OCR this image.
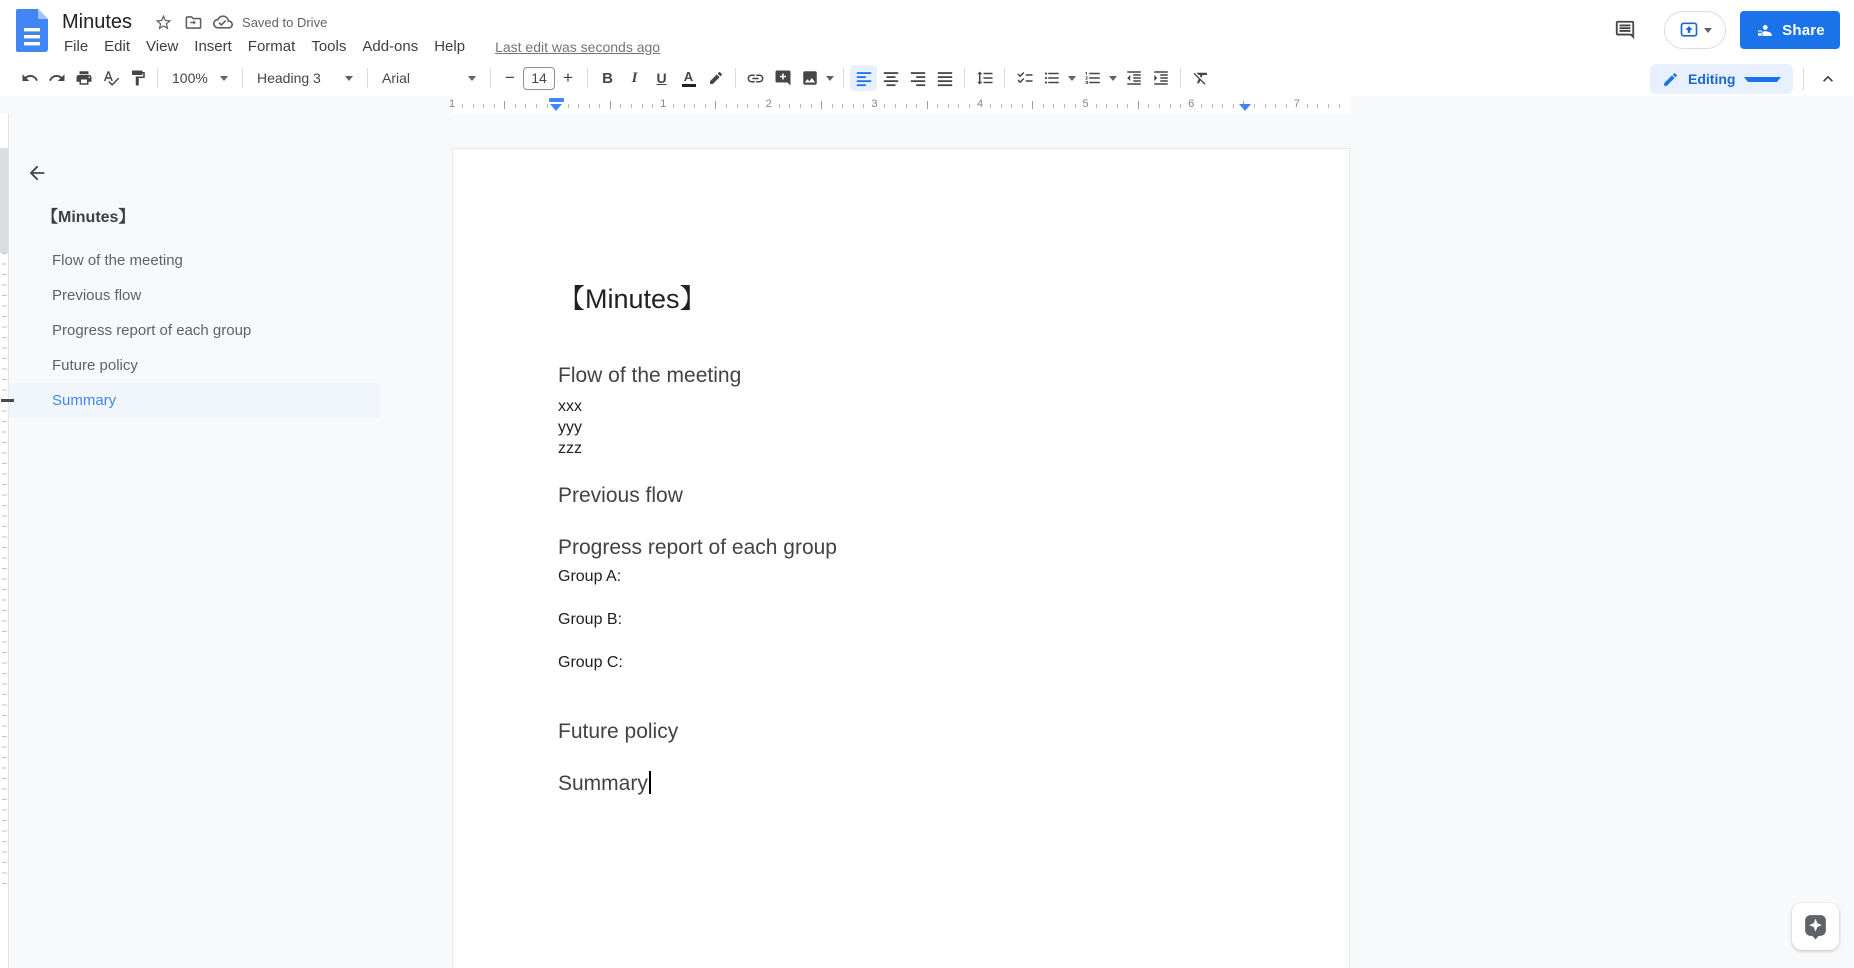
Minutes	Saved to Drive
File	Edit	View	Insert	Format	Tools	Add-ons	Help	Last edit was seconds ago
Share
100%	Heading 3	Arial	−	14 +	B I U A	Editing
1	1	2	3	4	5	6	7
【Minutes】
Flow of the meeting
Previous flow
Progress report of each group
Future policy
Summary
【Minutes】
Flow of the meeting
xxx
yyy
zzz
Previous flow
Progress report of each group
Group A:
Group B:
Group C:
Future policy
Summary
